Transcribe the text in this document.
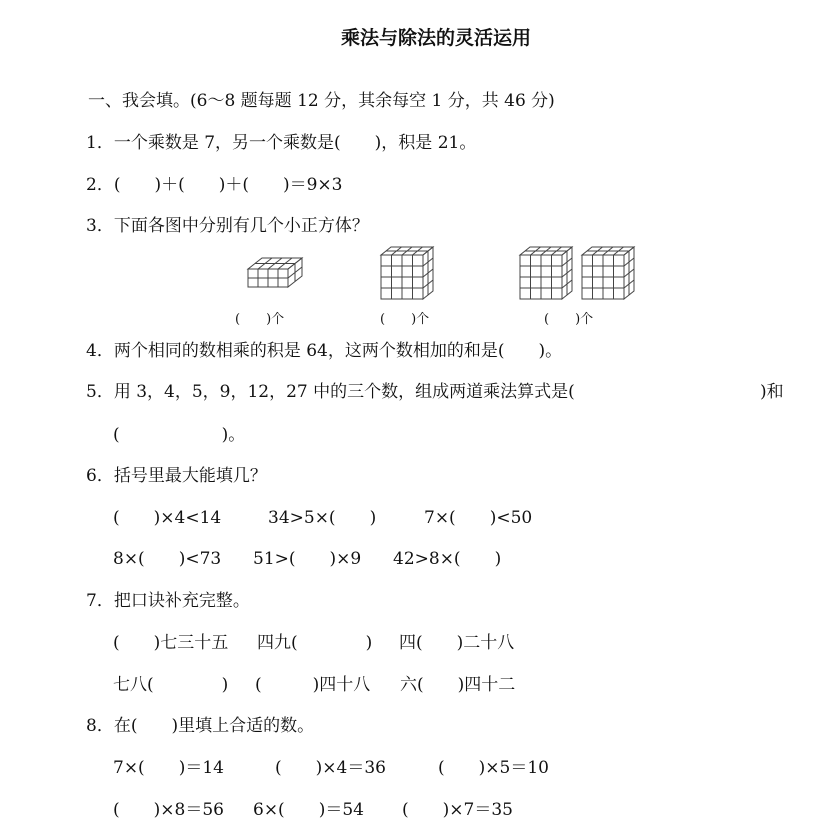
乘法与除法的灵活运用
一、我会填。(6～8 题每题 12 分，其余每空 1 分，共 46 分)
1．一个乘数是 7，另一个乘数是(　　)，积是 21。
2．(　　)＋(　　)＋(　　)＝9×3
3．下面各图中分别有几个小正方体？
(　　)个	(　　)个	(　　)个
4．两个相同的数相乘的积是 64，这两个数相加的和是(　　)。
5．用 3，4，5，9，12，27 中的三个数，组成两道乘法算式是(	)和
(　　　　　　)。
6．括号里最大能填几？
(　　)×4<14	34>5×(　　)	7×(　　)<50
8×(　　)<73 51>(　　)×9 42>8×(　　)
7．把口诀补充完整。
(　　)七三十五 四九(　　　　) 四(　　)二十八
七八(　　　　) (　　　)四十八 六(　　)四十二
8．在(　　)里填上合适的数。
7×(　　)＝14	(　　)×4＝36	(　　)×5＝10
(　　)×8＝56 6×(　　)＝54 (　　)×7＝35
